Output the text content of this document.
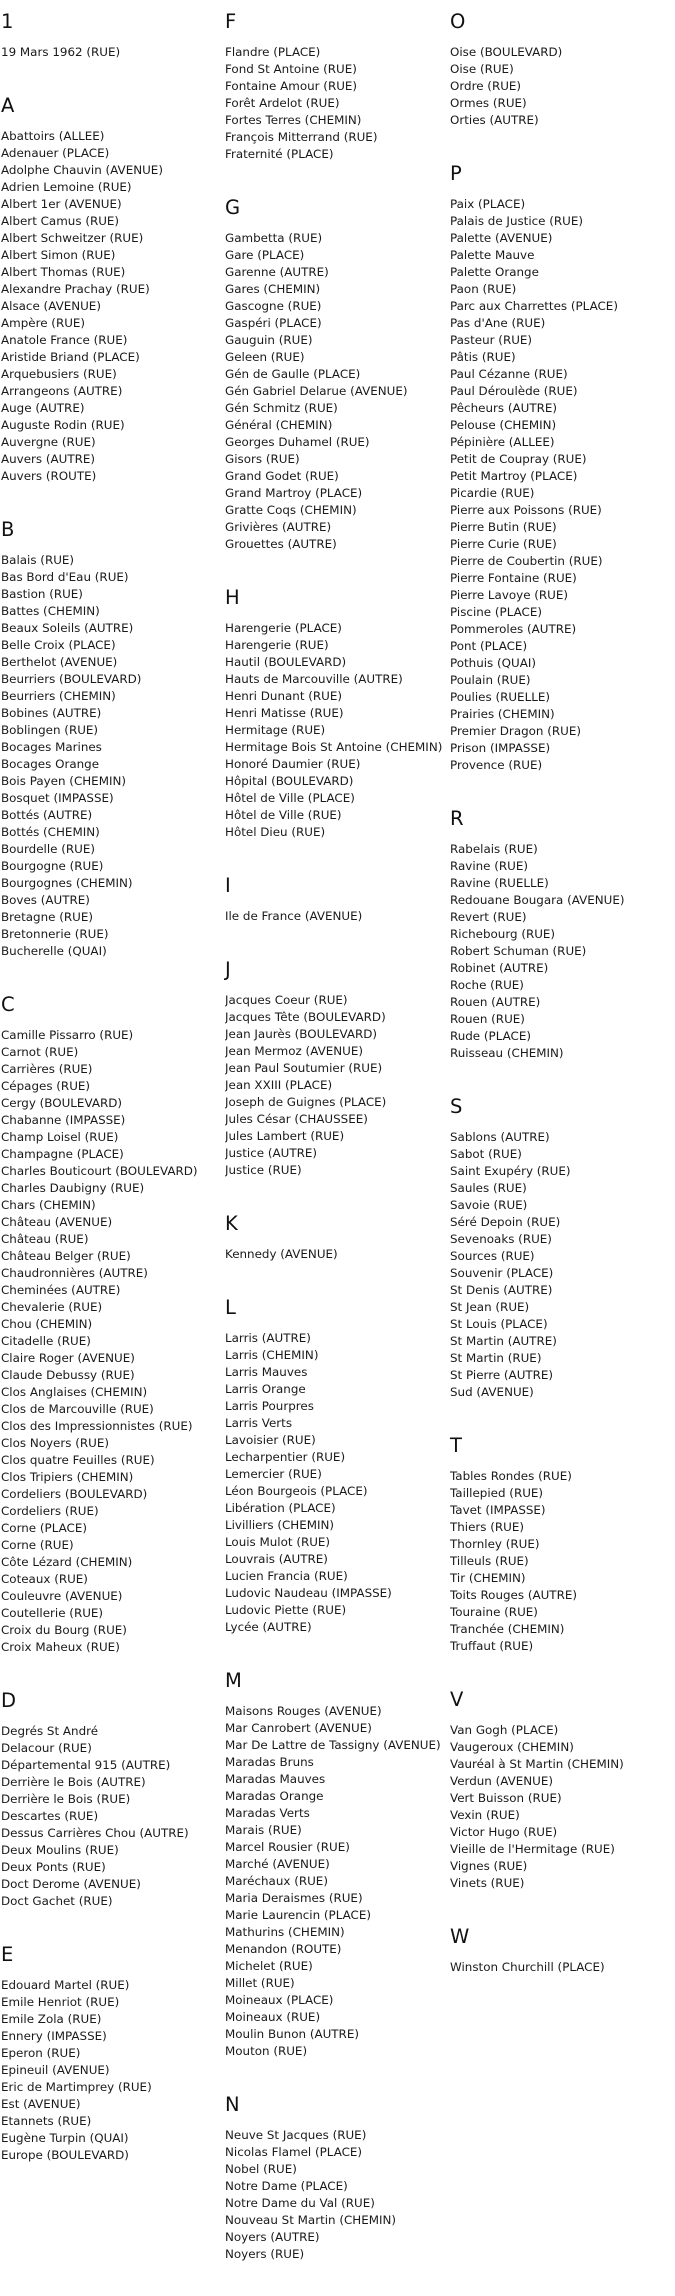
1
19 Mars 1962 (RUE)
A
Abattoirs (ALLEE)
Adenauer (PLACE)
Adolphe Chauvin (AVENUE)
Adrien Lemoine (RUE)
Albert 1er (AVENUE)
Albert Camus (RUE)
Albert Schweitzer (RUE)
Albert Simon (RUE)
Albert Thomas (RUE)
Alexandre Prachay (RUE)
Alsace (AVENUE)
Ampère (RUE)
Anatole France (RUE)
Aristide Briand (PLACE)
Arquebusiers (RUE)
Arrangeons (AUTRE)
Auge (AUTRE)
Auguste Rodin (RUE)
Auvergne (RUE)
Auvers (AUTRE)
Auvers (ROUTE)
B
Balais (RUE)
Bas Bord d'Eau (RUE)
Bastion (RUE)
Battes (CHEMIN)
Beaux Soleils (AUTRE)
Belle Croix (PLACE)
Berthelot (AVENUE)
Beurriers (BOULEVARD)
Beurriers (CHEMIN)
Bobines (AUTRE)
Boblingen (RUE)
Bocages Marines
Bocages Orange
Bois Payen (CHEMIN)
Bosquet (IMPASSE)
Bottés (AUTRE)
Bottés (CHEMIN)
Bourdelle (RUE)
Bourgogne (RUE)
Bourgognes (CHEMIN)
Boves (AUTRE)
Bretagne (RUE)
Bretonnerie (RUE)
Bucherelle (QUAI)
C
Camille Pissarro (RUE)
Carnot (RUE)
Carrières (RUE)
Cépages (RUE)
Cergy (BOULEVARD)
Chabanne (IMPASSE)
Champ Loisel (RUE)
Champagne (PLACE)
Charles Bouticourt (BOULEVARD)
Charles Daubigny (RUE)
Chars (CHEMIN)
Château (AVENUE)
Château (RUE)
Château Belger (RUE)
Chaudronnières (AUTRE)
Cheminées (AUTRE)
Chevalerie (RUE)
Chou (CHEMIN)
Citadelle (RUE)
Claire Roger (AVENUE)
Claude Debussy (RUE)
Clos Anglaises (CHEMIN)
Clos de Marcouville (RUE)
Clos des Impressionnistes (RUE)
Clos Noyers (RUE)
Clos quatre Feuilles (RUE)
Clos Tripiers (CHEMIN)
Cordeliers (BOULEVARD)
Cordeliers (RUE)
Corne (PLACE)
Corne (RUE)
Côte Lézard (CHEMIN)
Coteaux (RUE)
Couleuvre (AVENUE)
Coutellerie (RUE)
Croix du Bourg (RUE)
Croix Maheux (RUE)
D
Degrés St André
Delacour (RUE)
Départemental 915 (AUTRE)
Derrière le Bois (AUTRE)
Derrière le Bois (RUE)
Descartes (RUE)
Dessus Carrières Chou (AUTRE)
Deux Moulins (RUE)
Deux Ponts (RUE)
Doct Derome (AVENUE)
Doct Gachet (RUE)
E
Edouard Martel (RUE)
Emile Henriot (RUE)
Emile Zola (RUE)
Ennery (IMPASSE)
Eperon (RUE)
Epineuil (AVENUE)
Eric de Martimprey (RUE)
Est (AVENUE)
Etannets (RUE)
Eugène Turpin (QUAI)
Europe (BOULEVARD)
F
Flandre (PLACE)
Fond St Antoine (RUE)
Fontaine Amour (RUE)
Forêt Ardelot (RUE)
Fortes Terres (CHEMIN)
François Mitterrand (RUE)
Fraternité (PLACE)
G
Gambetta (RUE)
Gare (PLACE)
Garenne (AUTRE)
Gares (CHEMIN)
Gascogne (RUE)
Gaspéri (PLACE)
Gauguin (RUE)
Geleen (RUE)
Gén de Gaulle (PLACE)
Gén Gabriel Delarue (AVENUE)
Gén Schmitz (RUE)
Général (CHEMIN)
Georges Duhamel (RUE)
Gisors (RUE)
Grand Godet (RUE)
Grand Martroy (PLACE)
Gratte Coqs (CHEMIN)
Grivières (AUTRE)
Grouettes (AUTRE)
H
Harengerie (PLACE)
Harengerie (RUE)
Hautil (BOULEVARD)
Hauts de Marcouville (AUTRE)
Henri Dunant (RUE)
Henri Matisse (RUE)
Hermitage (RUE)
Hermitage Bois St Antoine (CHEMIN)
Honoré Daumier (RUE)
Hôpital (BOULEVARD)
Hôtel de Ville (PLACE)
Hôtel de Ville (RUE)
Hôtel Dieu (RUE)
I
Ile de France (AVENUE)
J
Jacques Coeur (RUE)
Jacques Tête (BOULEVARD)
Jean Jaurès (BOULEVARD)
Jean Mermoz (AVENUE)
Jean Paul Soutumier (RUE)
Jean XXIII (PLACE)
Joseph de Guignes (PLACE)
Jules César (CHAUSSEE)
Jules Lambert (RUE)
Justice (AUTRE)
Justice (RUE)
K
Kennedy (AVENUE)
L
Larris (AUTRE)
Larris (CHEMIN)
Larris Mauves
Larris Orange
Larris Pourpres
Larris Verts
Lavoisier (RUE)
Lecharpentier (RUE)
Lemercier (RUE)
Léon Bourgeois (PLACE)
Libération (PLACE)
Livilliers (CHEMIN)
Louis Mulot (RUE)
Louvrais (AUTRE)
Lucien Francia (RUE)
Ludovic Naudeau (IMPASSE)
Ludovic Piette (RUE)
Lycée (AUTRE)
M
Maisons Rouges (AVENUE)
Mar Canrobert (AVENUE)
Mar De Lattre de Tassigny (AVENUE)
Maradas Bruns
Maradas Mauves
Maradas Orange
Maradas Verts
Marais (RUE)
Marcel Rousier (RUE)
Marché (AVENUE)
Maréchaux (RUE)
Maria Deraismes (RUE)
Marie Laurencin (PLACE)
Mathurins (CHEMIN)
Menandon (ROUTE)
Michelet (RUE)
Millet (RUE)
Moineaux (PLACE)
Moineaux (RUE)
Moulin Bunon (AUTRE)
Mouton (RUE)
N
Neuve St Jacques (RUE)
Nicolas Flamel (PLACE)
Nobel (RUE)
Notre Dame (PLACE)
Notre Dame du Val (RUE)
Nouveau St Martin (CHEMIN)
Noyers (AUTRE)
Noyers (RUE)
O
Oise (BOULEVARD)
Oise (RUE)
Ordre (RUE)
Ormes (RUE)
Orties (AUTRE)
P
Paix (PLACE)
Palais de Justice (RUE)
Palette (AVENUE)
Palette Mauve
Palette Orange
Paon (RUE)
Parc aux Charrettes (PLACE)
Pas d'Ane (RUE)
Pasteur (RUE)
Pâtis (RUE)
Paul Cézanne (RUE)
Paul Déroulède (RUE)
Pêcheurs (AUTRE)
Pelouse (CHEMIN)
Pépinière (ALLEE)
Petit de Coupray (RUE)
Petit Martroy (PLACE)
Picardie (RUE)
Pierre aux Poissons (RUE)
Pierre Butin (RUE)
Pierre Curie (RUE)
Pierre de Coubertin (RUE)
Pierre Fontaine (RUE)
Pierre Lavoye (RUE)
Piscine (PLACE)
Pommeroles (AUTRE)
Pont (PLACE)
Pothuis (QUAI)
Poulain (RUE)
Poulies (RUELLE)
Prairies (CHEMIN)
Premier Dragon (RUE)
Prison (IMPASSE)
Provence (RUE)
R
Rabelais (RUE)
Ravine (RUE)
Ravine (RUELLE)
Redouane Bougara (AVENUE)
Revert (RUE)
Richebourg (RUE)
Robert Schuman (RUE)
Robinet (AUTRE)
Roche (RUE)
Rouen (AUTRE)
Rouen (RUE)
Rude (PLACE)
Ruisseau (CHEMIN)
S
Sablons (AUTRE)
Sabot (RUE)
Saint Exupéry (RUE)
Saules (RUE)
Savoie (RUE)
Séré Depoin (RUE)
Sevenoaks (RUE)
Sources (RUE)
Souvenir (PLACE)
St Denis (AUTRE)
St Jean (RUE)
St Louis (PLACE)
St Martin (AUTRE)
St Martin (RUE)
St Pierre (AUTRE)
Sud (AVENUE)
T
Tables Rondes (RUE)
Taillepied (RUE)
Tavet (IMPASSE)
Thiers (RUE)
Thornley (RUE)
Tilleuls (RUE)
Tir (CHEMIN)
Toits Rouges (AUTRE)
Touraine (RUE)
Tranchée (CHEMIN)
Truffaut (RUE)
V
Van Gogh (PLACE)
Vaugeroux (CHEMIN)
Vauréal à St Martin (CHEMIN)
Verdun (AVENUE)
Vert Buisson (RUE)
Vexin (RUE)
Victor Hugo (RUE)
Vieille de l'Hermitage (RUE)
Vignes (RUE)
Vinets (RUE)
W
Winston Churchill (PLACE)
